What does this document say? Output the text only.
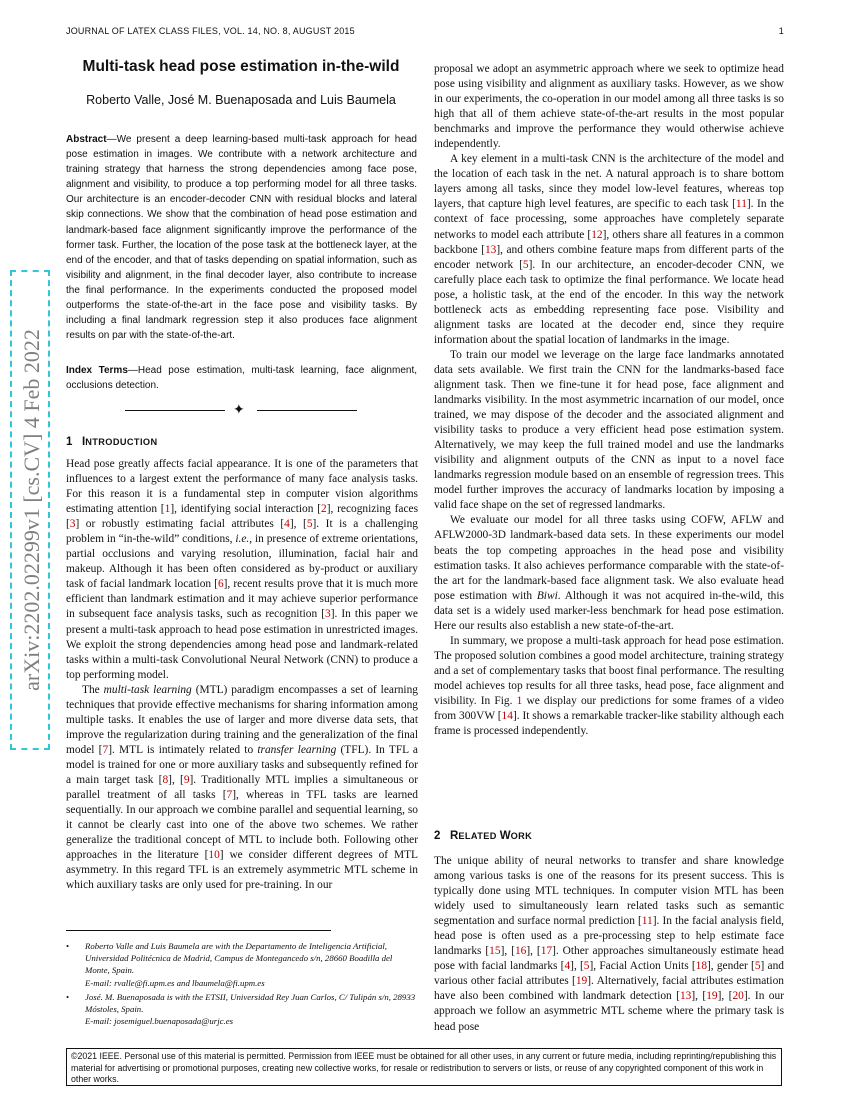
JOURNAL OF LATEX CLASS FILES, VOL. 14, NO. 8, AUGUST 2015	1
arXiv:2202.02299v1 [cs.CV] 4 Feb 2022
Multi-task head pose estimation in-the-wild
Roberto Valle, José M. Buenaposada and Luis Baumela
Abstract—We present a deep learning-based multi-task approach for head pose estimation in images. We contribute with a network architecture and training strategy that harness the strong dependencies among face pose, alignment and visibility, to produce a top performing model for all three tasks. Our architecture is an encoder-decoder CNN with residual blocks and lateral skip connections. We show that the combination of head pose estimation and landmark-based face alignment significantly improve the performance of the former task. Further, the location of the pose task at the bottleneck layer, at the end of the encoder, and that of tasks depending on spatial information, such as visibility and alignment, in the final decoder layer, also contribute to increase the final performance. In the experiments conducted the proposed model outperforms the state-of-the-art in the face pose and visibility tasks. By including a final landmark regression step it also produces face alignment results on par with the state-of-the-art.
Index Terms—Head pose estimation, multi-task learning, face alignment, occlusions detection.
✦
1 INTRODUCTION

Head pose greatly affects facial appearance. It is one of the parameters that influences to a largest extent the performance of many face analysis tasks. For this reason it is a fundamental step in computer vision algorithms estimating attention [1], identifying social interaction [2], recognizing faces [3] or robustly estimating facial attributes [4], [5]. It is a challenging problem in “in-the-wild” conditions, i.e., in presence of extreme orientations, partial occlusions and varying resolution, illumination, facial hair and makeup. Although it has been often considered as by-product or auxiliary task of facial landmark location [6], recent results prove that it is much more efficient than landmark estimation and it may achieve superior performance in subsequent face analysis tasks, such as recognition [3]. In this paper we present a multi-task approach to head pose estimation in unrestricted images. We exploit the strong dependencies among head pose and landmark-related tasks within a multi-task Convolutional Neural Network (CNN) to produce a top performing model.

The multi-task learning (MTL) paradigm encompasses a set of learning techniques that provide effective mechanisms for sharing information among multiple tasks. It enables the use of larger and more diverse data sets, that improve the regularization during training and the generalization of the final model [7]. MTL is intimately related to transfer learning (TFL). In TFL a model is trained for one or more auxiliary tasks and subsequently refined for a main target task [8], [9]. Traditionally MTL implies a simultaneous or parallel treatment of all tasks [7], whereas in TFL tasks are learned sequentially. In our approach we combine parallel and sequential learning, so it cannot be clearly cast into one of the above two schemes. We rather generalize the traditional concept of MTL to include both. Following other approaches in the literature [10] we consider different degrees of MTL asymmetry. In this regard TFL is an extremely asymmetric MTL scheme in which auxiliary tasks are only used for pre-training. In our

• Roberto Valle and Luis Baumela are with the Departamento de Inteligencia Artificial, Universidad Politécnica de Madrid, Campus de Montegancedo s/n, 28660 Boadilla del Monte, Spain.
E-mail: rvalle@fi.upm.es and lbaumela@fi.upm.es
• José. M. Buenaposada is with the ETSII, Universidad Rey Juan Carlos, C/ Tulipán s/n, 28933 Móstoles, Spain.
E-mail: josemiguel.buenaposada@urjc.es

proposal we adopt an asymmetric approach where we seek to optimize head pose using visibility and alignment as auxiliary tasks. However, as we show in our experiments, the co-operation in our model among all three tasks is so high that all of them achieve state-of-the-art results in the most popular benchmarks and improve the performance they would otherwise achieve independently.

A key element in a multi-task CNN is the architecture of the model and the location of each task in the net. A natural approach is to share bottom layers among all tasks, since they model low-level features, whereas top layers, that capture high level features, are specific to each task [11]. In the context of face processing, some approaches have completely separate networks to model each attribute [12], others share all features in a common backbone [13], and others combine feature maps from different parts of the encoder network [5]. In our architecture, an encoder-decoder CNN, we carefully place each task to optimize the final performance. We locate head pose, a holistic task, at the end of the encoder. In this way the network bottleneck acts as embedding representing face pose. Visibility and alignment tasks are located at the decoder end, since they require information about the spatial location of landmarks in the image.

To train our model we leverage on the large face landmarks annotated data sets available. We first train the CNN for the landmarks-based face alignment task. Then we fine-tune it for head pose, face alignment and landmarks visibility. In the most asymmetric incarnation of our model, once trained, we may dispose of the decoder and the associated alignment and visibility tasks to produce a very efficient head pose estimation system. Alternatively, we may keep the full trained model and use the landmarks visibility and alignment outputs of the CNN as input to a novel face landmarks regression module based on an ensemble of regression trees. This model further improves the accuracy of landmarks location by imposing a valid face shape on the set of regressed landmarks.

We evaluate our model for all three tasks using COFW, AFLW and AFLW2000-3D landmark-based data sets. In these experiments our model beats the top competing approaches in the head pose and visibility estimation tasks. It also achieves performance comparable with the state-of-the art for the landmark-based face alignment task. We also evaluate head pose estimation with Biwi. Although it was not acquired in-the-wild, this data set is a widely used marker-less benchmark for head pose estimation. Here our results also establish a new state-of-the-art.

In summary, we propose a multi-task approach for head pose estimation. The proposed solution combines a good model architecture, training strategy and a set of complementary tasks that boost final performance. The resulting model achieves top results for all three tasks, head pose, face alignment and visibility. In Fig. 1 we display our predictions for some frames of a video from 300VW [14]. It shows a remarkable tracker-like stability although each frame is processed independently.

2 RELATED WORK

The unique ability of neural networks to transfer and share knowledge among various tasks is one of the reasons for its present success. This is typically done using MTL techniques. In computer vision MTL has been widely used to simultaneously learn related tasks such as semantic segmentation and surface normal prediction [11]. In the facial analysis field, head pose is often used as a pre-processing step to help estimate face landmarks [15], [16], [17]. Other approaches simultaneously estimate head pose with facial landmarks [4], [5], Facial Action Units [18], gender [5] and various other facial attributes [19]. Alternatively, facial attributes estimation have also been combined with landmark detection [13], [19], [20]. In our approach we follow an asymmetric MTL scheme where the primary task is head pose

©2021 IEEE. Personal use of this material is permitted. Permission from IEEE must be obtained for all other uses, in any current or future media, including reprinting/republishing this material for advertising or promotional purposes, creating new collective works, for resale or redistribution to servers or lists, or reuse of any copyrighted component of this work in other works.
